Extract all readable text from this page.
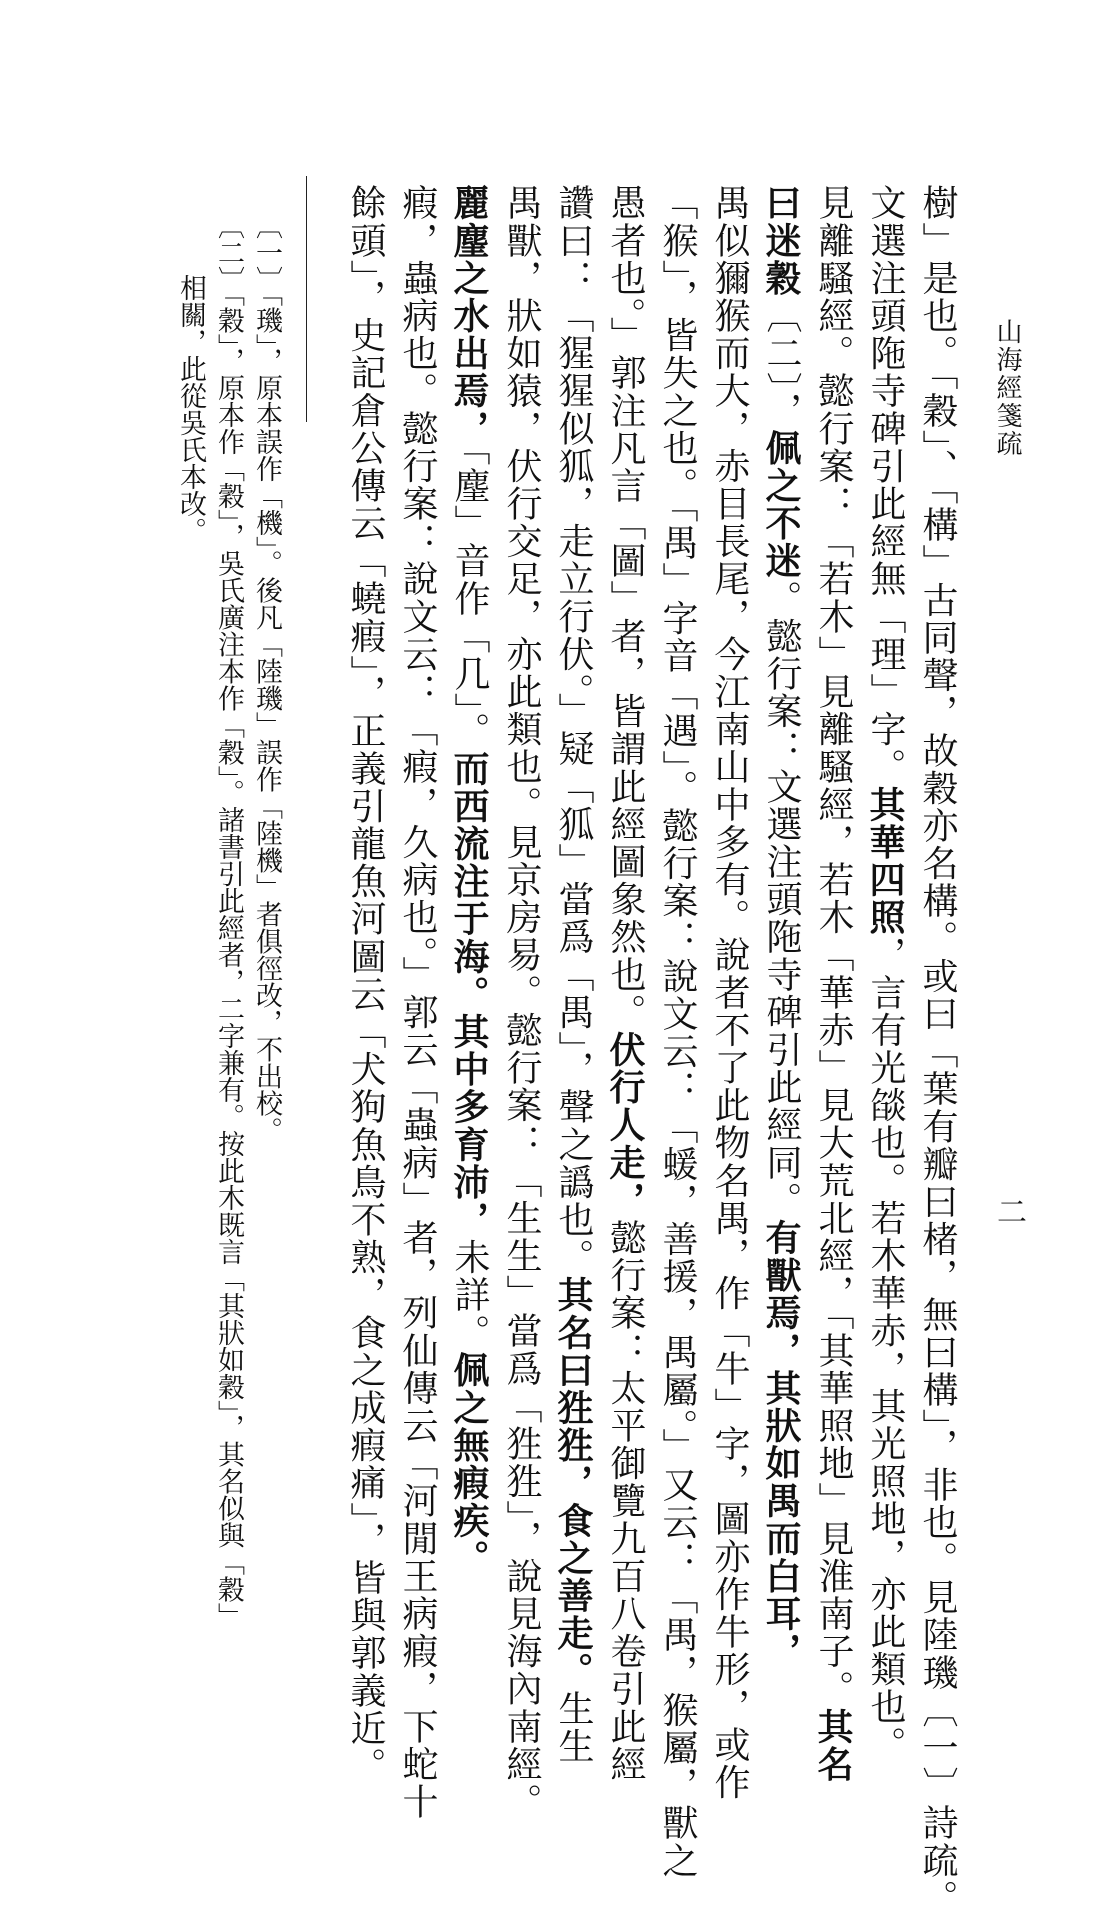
山海經箋疏
二
樹」是也。「穀」、「構」古同聲，故穀亦名構。或曰「葉有瓣曰楮，無曰構」，非也。見陸璣〔一〕詩疏。
文選注頭陁寺碑引此經無「理」字。其華四照，言有光燄也。若木華赤，其光照地，亦此類也。
見離騷經。懿行案：「若木」見離騷經，若木「華赤」見大荒北經，「其華照地」見淮南子。其名
曰迷穀〔二〕，佩之不迷。懿行案：文選注頭陁寺碑引此經同。有獸焉，其狀如禺而白耳，
禺似獮猴而大，赤目長尾，今江南山中多有。說者不了此物名禺，作「牛」字，圖亦作牛形，或作
「猴」，皆失之也。「禺」字音「遇」。懿行案：說文云：「蝯，善援，禺屬。」又云：「禺，猴屬，獸之
愚者也。」郭注凡言「圖」者，皆謂此經圖象然也。伏行人走，懿行案：太平御覽九百八卷引此經
讚曰：「猩猩似狐，走立行伏。」疑「狐」當爲「禺」，聲之譌也。其名曰狌狌，食之善走。生生
禺獸，狀如猿，伏行交足，亦此類也。見京房易。懿行案：「生生」當爲「狌狌」，說見海內南經。
麗麈之水出焉，「麈」音作「几」。而西流注于海。其中多育沛，未詳。佩之無瘕疾。
瘕，蟲病也。懿行案：說文云：「瘕，久病也。」郭云「蟲病」者，列仙傳云「河閒王病瘕，下蛇十
餘頭」，史記倉公傳云「蟯瘕」，正義引龍魚河圖云「犬狗魚鳥不熟，食之成瘕痛」，皆與郭義近。
〔一〕「璣」，原本誤作「機」。後凡「陸璣」誤作「陸機」者俱徑改，不出校。
〔二〕「穀」，原本作「穀」，吳氏廣注本作「穀」。諸書引此經者，二字兼有。按此木既言「其狀如穀」，其名似與「穀」
相關，此從吳氏本改。
